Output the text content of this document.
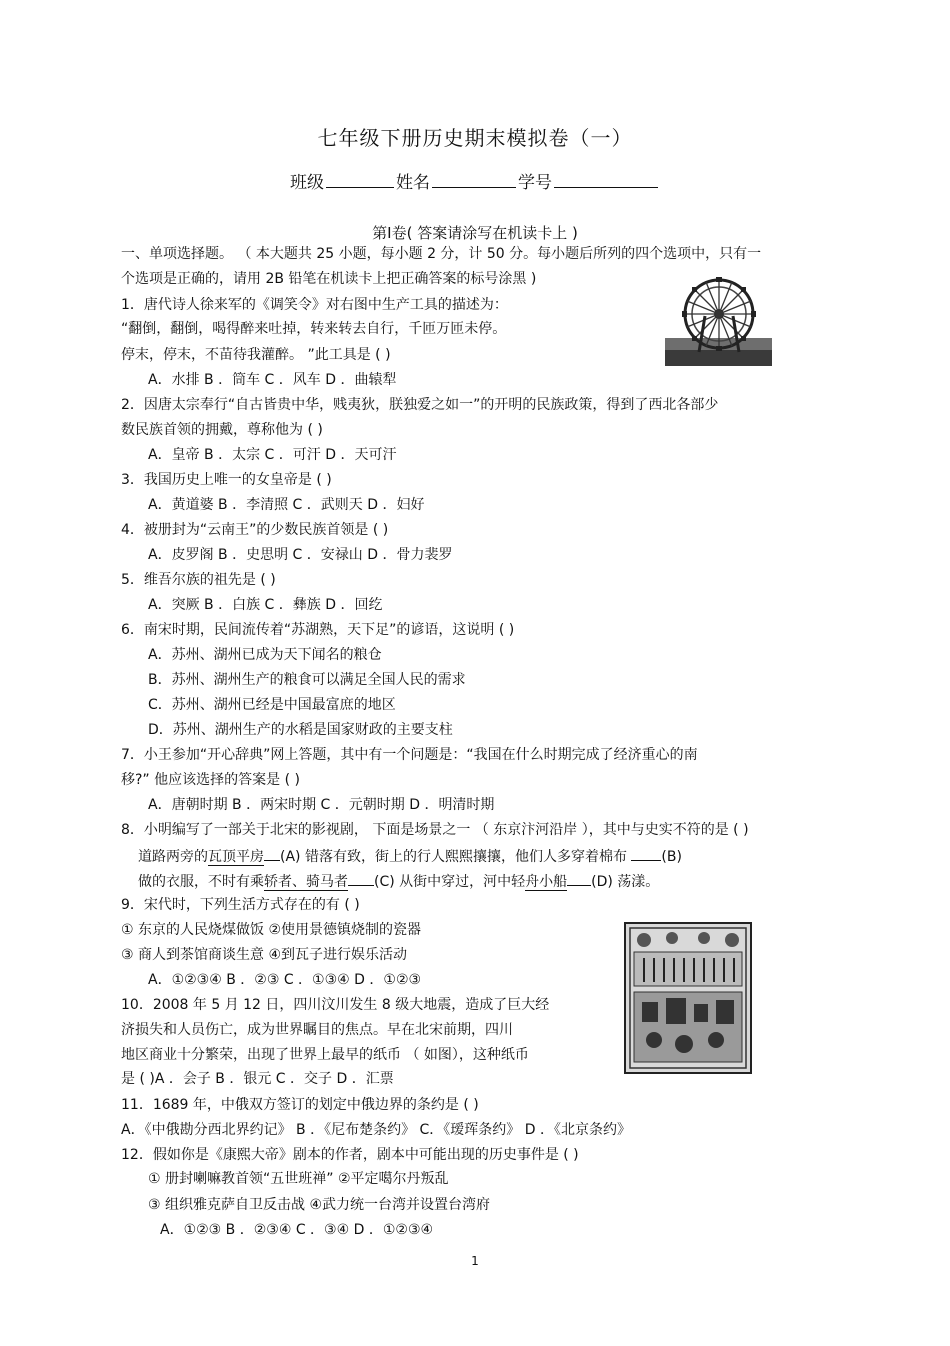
七年级下册历史期末模拟卷（一）
班级	姓名	学号
第Ⅰ卷( 答案请涂写在机读卡上 )
一、单项选择题。 （ 本大题共 25 小题，每小题 2 分，计 50 分。每小题后所列的四个选项中，只有一
个选项是正确的，请用 2B 铅笔在机读卡上把正确答案的标号涂黑 )
1．唐代诗人徐来军的《调笑令》对右图中生产工具的描述为：
“翻倒，翻倒，喝得醉来吐掉，转来转去自行，千匝万匝未停。
停末，停末，不苗待我灌醉。 ”此工具是 ( )
A．水排 B ．筒车 C ．风车 D ．曲辕犁
2．因唐太宗奉行“自古皆贵中华，贱夷狄，朕独爱之如一”的开明的民族政策，得到了西北各部少
数民族首领的拥戴，尊称他为 ( )
A．皇帝 B ．太宗 C ．可汗 D ．天可汗
3．我国历史上唯一的女皇帝是 ( )
A．黄道婆 B ．李清照 C ．武则天 D ．妇好
4．被册封为“云南王”的少数民族首领是 ( )
A．皮罗阁 B ．史思明 C ．安禄山 D ．骨力裴罗
5．维吾尔族的祖先是 ( )
A．突厥 B ．白族 C ．彝族 D ．回纥
6．南宋时期，民间流传着“苏湖熟，天下足”的谚语，这说明 ( )
A．苏州、湖州已成为天下闻名的粮仓
B．苏州、湖州生产的粮食可以满足全国人民的需求
C．苏州、湖州已经是中国最富庶的地区
D．苏州、湖州生产的水稻是国家财政的主要支柱
7．小王参加“开心辞典”网上答题，其中有一个问题是：“我国在什么时期完成了经济重心的南
移?” 他应该选择的答案是 ( )
A．唐朝时期 B ．两宋时期 C ．元朝时期 D ．明清时期
8．小明编写了一部关于北宋的影视剧， 下面是场景之一 （ 东京汴河沿岸 ），其中与史实不符的是 ( )
道路两旁的瓦顶平房 (A) 错落有致，街上的行人熙熙攘攘，他们人多穿着棉布 (B)
做的衣服，不时有乘轿者、骑马者 (C) 从街中穿过，河中轻舟小船 (D) 荡漾。
9．宋代时，下列生活方式存在的有 ( )
① 东京的人民烧煤做饭 ②使用景德镇烧制的瓷器
③ 商人到茶馆商谈生意 ④到瓦子进行娱乐活动
A．①②③④ B ．②③ C ．①③④ D ．①②③
10．2008 年 5 月 12 日，四川汶川发生 8 级大地震，造成了巨大经
济损失和人员伤亡，成为世界瞩目的焦点。早在北宋前期，四川
地区商业十分繁荣，出现了世界上最早的纸币 （ 如图），这种纸币
是 ( )A ．会子 B ．银元 C ．交子 D ．汇票
11．1689 年，中俄双方签订的划定中俄边界的条约是 ( )
A．《中俄勘分西北界约记》 B ．《尼布楚条约》 C．《瑷珲条约》 D ．《北京条约》
12．假如你是《康熙大帝》剧本的作者，剧本中可能出现的历史事件是 ( )
① 册封喇嘛教首领“五世班禅” ②平定噶尔丹叛乱
③ 组织雅克萨自卫反击战 ④武力统一台湾并设置台湾府
A．①②③ B ．②③④ C ．③④ D ．①②③④
1
